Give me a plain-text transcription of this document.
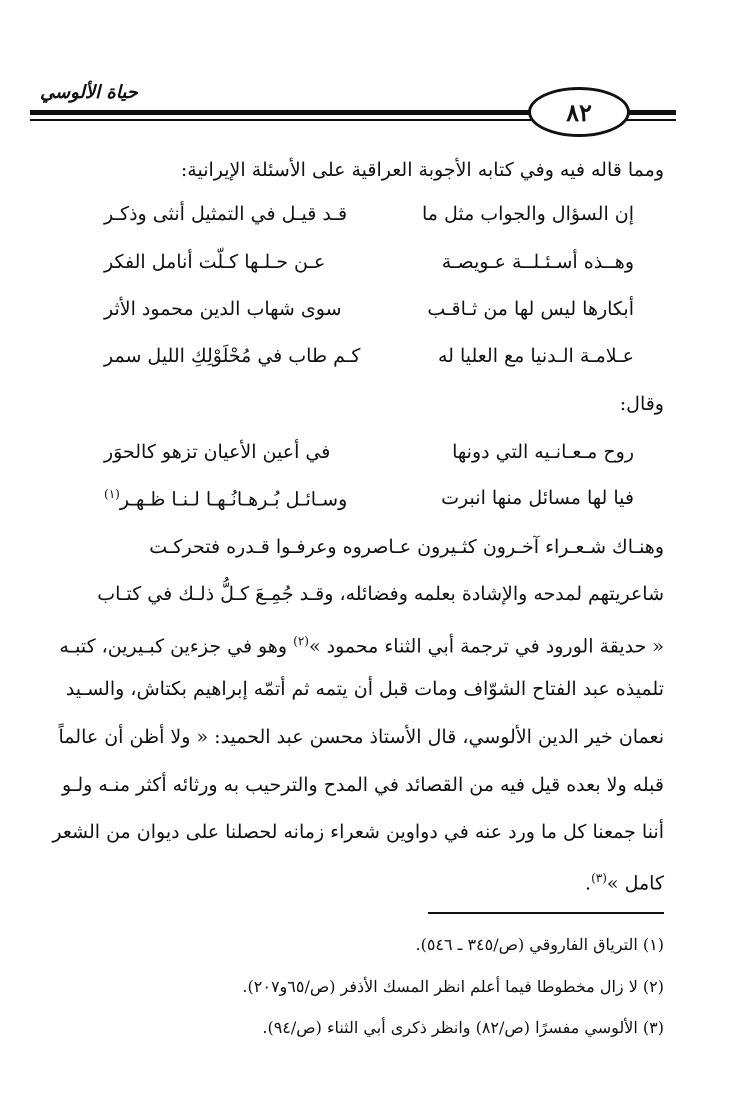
حياة الألوسي
٨٢
ومما قاله فيه وفي كتابه الأجوبة العراقية على الأسئلة الإيرانية:
إن السؤال والجواب مثل ما
قـد قيـل في التمثيل أنثى وذكـر
وهــذه أسـئـلــة عـويصـة
عـن حـلـها كـلّت أنامل الفكر
أبكارها ليس لها من ثـاقـب
سوى شهاب الدين محمود الأثر
عـلامـة الـدنيا مع العليا له
كـم طاب في مُحْلَوْلِكِ الليل سمر
وقال:
روح مـعـانـيه التي دونها
في أعين الأعيان تزهو كالحوَر
فيا لها مسائل منها انبرت
وسـائـل بُـرهـانُـهـا لـنـا ظـهـر$^{(١)}$
وهنـاك شـعـراء آخـرون كثـيرون عـاصروه وعرفـوا قـدره فتحركـت
شاعريتهم لمدحه والإشادة بعلمه وفضائله، وقـد جُمِـعَ كـلُّ ذلـك في كتـاب
« حديقة الورود في ترجمة أبي الثناء محمود »$^{(٢)}$ وهو في جزءين كبـيرين، كتبـه
تلميذه عبد الفتاح الشوّاف ومات قبل أن يتمه ثم أتمّه إبراهيم بكتاش، والسـيد
نعمان خير الدين الألوسي، قال الأستاذ محسن عبد الحميد: « ولا أظن أن عالماً
قبله ولا بعده قيل فيه من القصائد في المدح والترحيب به ورثائه أكثر منـه ولـو
أننا جمعنا كل ما ورد عنه في دواوين شعراء زمانه لحصلنا على ديوان من الشعر
كامل »$^{(٣)}$.
(١) الترياق الفاروقي (ص/٣٤٥ ـ ٥٤٦).
(٢) لا زال مخطوطا فيما أعلم انظر المسك الأذفر (ص/٦٥و٢٠٧).
(٣) الألوسي مفسرًا (ص/٨٢) وانظر ذكرى أبي الثناء (ص/٩٤).
